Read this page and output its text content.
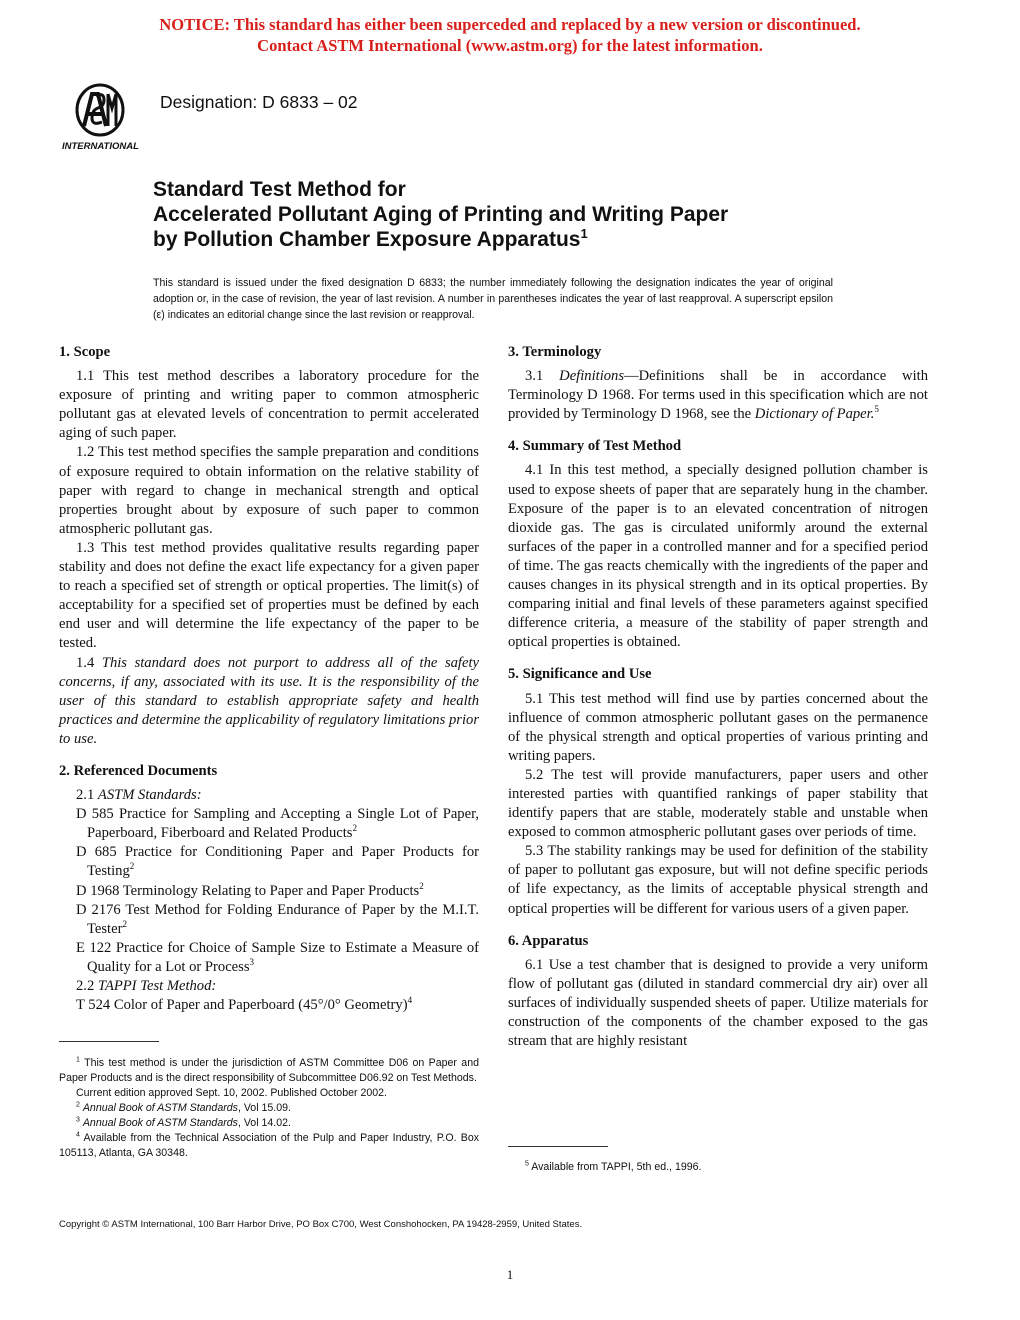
NOTICE: This standard has either been superceded and replaced by a new version or discontinued.
Contact ASTM International (www.astm.org) for the latest information.
INTERNATIONAL
Designation: D 6833 – 02
Standard Test Method for
Accelerated Pollutant Aging of Printing and Writing Paper
by Pollution Chamber Exposure Apparatus$^1$
This standard is issued under the fixed designation D 6833; the number immediately following the designation indicates the year of original adoption or, in the case of revision, the year of last revision. A number in parentheses indicates the year of last reapproval. A superscript epsilon (ε) indicates an editorial change since the last revision or reapproval.
1. Scope

1.1 This test method describes a laboratory procedure for the exposure of printing and writing paper to common atmospheric pollutant gas at elevated levels of concentration to permit accelerated aging of such paper.

1.2 This test method specifies the sample preparation and conditions of exposure required to obtain information on the relative stability of paper with regard to change in mechanical strength and optical properties brought about by exposure of such paper to common atmospheric pollutant gas.

1.3 This test method provides qualitative results regarding paper stability and does not define the exact life expectancy for a given paper to reach a specified set of strength or optical properties. The limit(s) of acceptability for a specified set of properties must be defined by each end user and will determine the life expectancy of the paper to be tested.

1.4 This standard does not purport to address all of the safety concerns, if any, associated with its use. It is the responsibility of the user of this standard to establish appropriate safety and health practices and determine the applicability of regulatory limitations prior to use.

2. Referenced Documents

2.1 ASTM Standards:

D 585 Practice for Sampling and Accepting a Single Lot of Paper, Paperboard, Fiberboard and Related Products$^2$

D 685 Practice for Conditioning Paper and Paper Products for Testing$^2$

D 1968 Terminology Relating to Paper and Paper Products$^2$

D 2176 Test Method for Folding Endurance of Paper by the M.I.T. Tester$^2$

E 122 Practice for Choice of Sample Size to Estimate a Measure of Quality for a Lot or Process$^3$

2.2 TAPPI Test Method:

T 524 Color of Paper and Paperboard (45°/0° Geometry)$^4$

3. Terminology

3.1 Definitions—Definitions shall be in accordance with Terminology D 1968. For terms used in this specification which are not provided by Terminology D 1968, see the Dictionary of Paper.$^5$

4. Summary of Test Method

4.1 In this test method, a specially designed pollution chamber is used to expose sheets of paper that are separately hung in the chamber. Exposure of the paper is to an elevated concentration of nitrogen dioxide gas. The gas is circulated uniformly around the external surfaces of the paper in a controlled manner and for a specified period of time. The gas reacts chemically with the ingredients of the paper and causes changes in its physical strength and in its optical properties. By comparing initial and final levels of these parameters against specified difference criteria, a measure of the stability of paper strength and optical properties is obtained.

5. Significance and Use

5.1 This test method will find use by parties concerned about the influence of common atmospheric pollutant gases on the permanence of the physical strength and optical properties of various printing and writing papers.

5.2 The test will provide manufacturers, paper users and other interested parties with quantified rankings of paper stability that identify papers that are stable, moderately stable and unstable when exposed to common atmospheric pollutant gases over periods of time.

5.3 The stability rankings may be used for definition of the stability of paper to pollutant gas exposure, but will not define specific periods of life expectancy, as the limits of acceptable physical strength and optical properties will be different for various users of a given paper.

6. Apparatus

6.1 Use a test chamber that is designed to provide a very uniform flow of pollutant gas (diluted in standard commercial dry air) over all surfaces of individually suspended sheets of paper. Utilize materials for construction of the components of the chamber exposed to the gas stream that are highly resistant

$^1$ This test method is under the jurisdiction of ASTM Committee D06 on Paper and Paper Products and is the direct responsibility of Subcommittee D06.92 on Test Methods.

Current edition approved Sept. 10, 2002. Published October 2002.

$^2$ Annual Book of ASTM Standards, Vol 15.09.

$^3$ Annual Book of ASTM Standards, Vol 14.02.

$^4$ Available from the Technical Association of the Pulp and Paper Industry, P.O. Box 105113, Atlanta, GA 30348.

$^5$ Available from TAPPI, 5th ed., 1996.

Copyright © ASTM International, 100 Barr Harbor Drive, PO Box C700, West Conshohocken, PA 19428-2959, United States.
1
